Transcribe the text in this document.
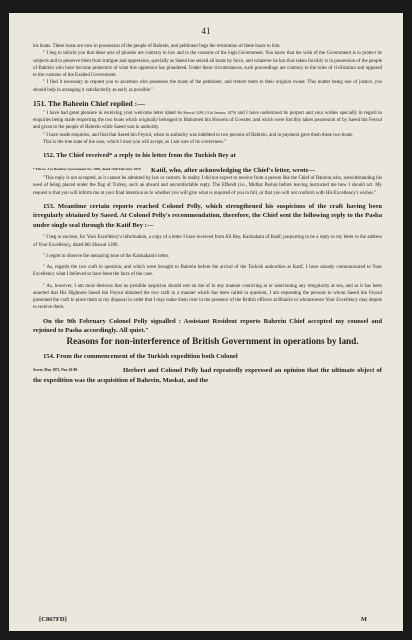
41

his boats. These boats are now in possession of the people of Bahrein, and petitioner begs the restoration of these boats to him.

" I beg to inform you that these acts of plunder are contrary to law and to the customs of the high Government. You know that the wish of the Government is to protect its subjects and to preserve them from intrigue and oppression, specially as Saeed has seized all boats by force, and whatever he has thus taken forcibly is in possession of the people of Bahrein who have become protectors of what this oppressor has plundered. Under these circumstances, such proceedings are contrary to the rules of civilization and opposed to the customs of the Exalted Government.

" I find it necessary to request you to ascertain who possesses the boats of the petitioner, and restore them to their original owner. This matter being one of justice, you should help in arranging it satisfactorily as early as possible."

151. The Bahrein Chief replied :—

" I have had great pleasure in receiving your welcome letter dated 9th Shawal 1286 (11th January 1870) and I have understood its purport and your wishes specially in regard to enquiries being made respecting the two boats which originally belonged to Mahomed bin Hossein of Gowtter, and which were forcibly taken possession of by Saeed bin Feysul and given to the people of Bahrein while Saeed was in authority.

" I have made enquiries, and find that Saeed bin Feysul, when in authority was indebted to two persons of Bahrein, and in payment gave them these two boats.

This is the true state of the case, which I trust you will accept, as I am sure of its correctness."

152. The Chief received* a reply to his letter from the Turkish Bey at

* File no. 5 to Bombay Government No. 1095, dated 15th February 1870.	Katif, who, after acknowledging the Chief's letter, wrote—

"This reply is not accepted, as it cannot be admitted by law or custom. In reality I did not expect to receive from a person like the Chief of Bahrein,who, notwithstanding his need of being placed under the flag of Turkey, such an absurd and uncomfortable reply. The Effendi (i.e., Midhat Pasha) before leaving instructed me how I should act. My request is that you will inform me at your final intention as to whether you will give what is required of you in full, or that you will not conform with His Excellency's wishes."

153. Meantime certain reports reached Colonel Pelly, which strengthened his suspicions of the craft having been irregularly obtained by Saeed. At Colonel Pelly's recommendation, therefore, the Chief sent the following reply to the Pasha under single seal through the Katif Bey :—

" I beg to enclose, for Your Excellency's information, a copy of a letter I have received from Ali Bey, Kaimakam of Katif, purporting to be a reply to my letter to the address of Your Excellency, dated 8th Shawal 1286.

" I regret to observe the menacing tone of the Kaimakam's letter.

" As, regards the two craft in question, and which were brought to Bahrein before the arrival of the Turkish authorities at Katif, I have already communicated to Your Excellency what I believed to have been the facts of the case.

" As, however, I am most desirous that no possible suspicion should rest on me of in any manner conniving at or sanctioning any irregularity at sea, and as it has been asserted that His Highness Saeed bin Feysul obtained the two craft in a manner which has been called in question, I am requesting the persons to whom Saeed bin Feysul presented the craft to place them at my disposal in order that I may make them over in the presence of the British officers at Bhairin to whomsoever Your Excellency may depute to receive them.

On the 9th February Colonel Pelly signalled : Assistant Resident reports Bahrein Chief accepted my counsel and rejoined to Pasha accordingly. All quiet."

Reasons for non-interference of British Government in operations by land.

154. From the commencement of the Turkish expedition both Colonel

Secret, May 1872, Nos. 63-80.	Herbert and Colonel Pelly had repeatedly expressed an opinion that the ultimate object of the expedition was the acquisition of Bahrein, Maskat, and the

[C867FD]	M
